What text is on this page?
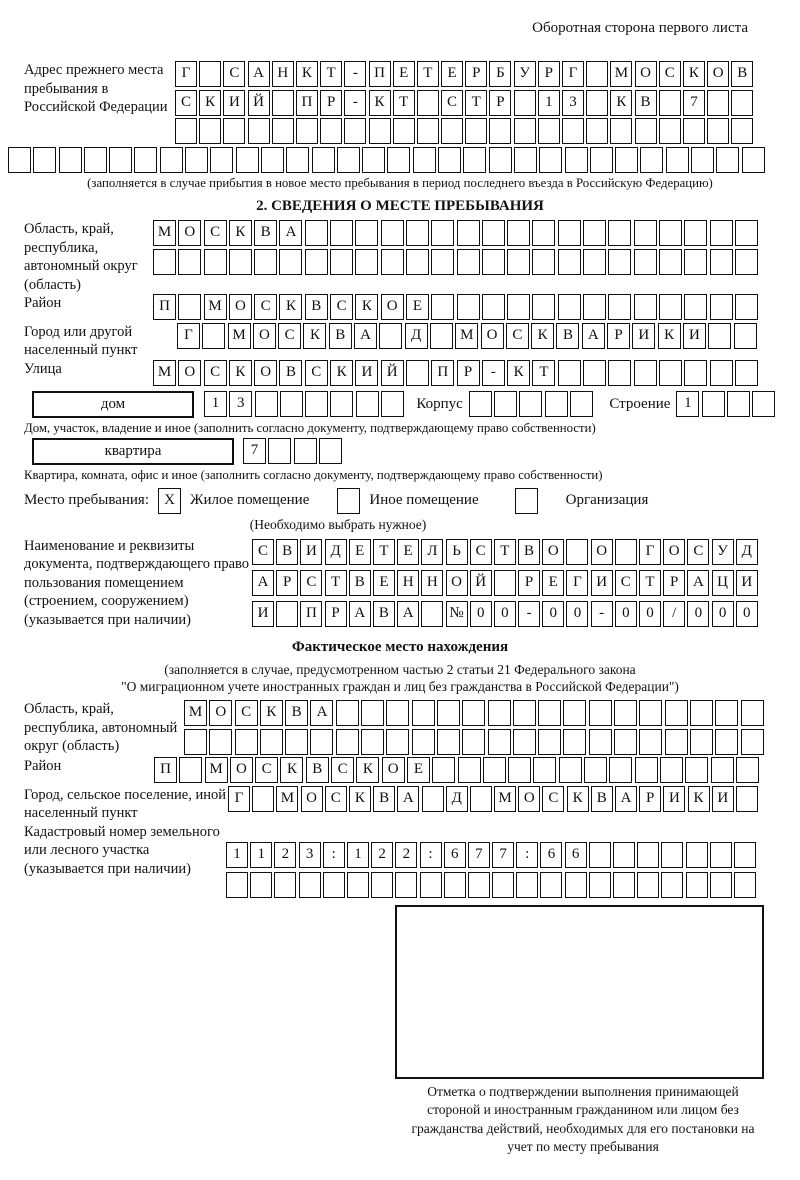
Оборотная сторона первого листа
Адрес прежнего места пребывания в Российской Федерации
Г	С А Н К Т	-	П Е	Т	Е	Р	Б У Р	Г	М О С К О В
С К И Й	П Р	-	К Т	С Т	Р	1	3	К В	7
(заполняется в случае прибытия в новое место пребывания в период последнего въезда в Российскую Федерацию)
2. СВЕДЕНИЯ О МЕСТЕ ПРЕБЫВАНИЯ
Область, край, республика, автономный округ (область)
М О С	К	В А
Район	П	М О С	К	В	С	К О	Е
Город или другой населенный пункт
Г	М О С	К	В А	Д	М О С	К	В А	Р	И К И
Улица	М О С	К О В	С	К И Й	П	Р	-	К	Т
дом	1	3	Корпус	Строение 1
Дом, участок, владение и иное (заполнить согласно документу, подтверждающему право собственности)
квартира	7
Квартира, комната, офис и иное (заполнить согласно документу, подтверждающему право собственности)
Место пребывания:	X	Жилое помещение	Иное помещение	Организация
(Необходимо выбрать нужное)
Наименование и реквизиты документа, подтверждающего право пользования помещением (строением, сооружением) (указывается при наличии)
С В И Д Е	Т	Е Л Ь С Т В О	О	Г О С У Д
А Р	С Т В Е Н Н О Й	Р	Е	Г И С Т	Р А Ц И
И	П Р А В А	№ 0	0	-	0	0	-	0	0	/	0	0	0
Фактическое место нахождения
(заполняется в случае, предусмотренном частью 2 статьи 21 Федерального закона
"О миграционном учете иностранных граждан и лиц без гражданства в Российской Федерации")
Область, край, республика, автономный округ (область)
М О С	К	В А
Район	П	М О С	К	В	С	К О	Е
Город, сельское поселение, иной населенный пункт
Г	М О С К В А	Д	М О С К В А Р И К И
Кадастровый номер земельного или лесного участка (указывается при наличии)
1	1	2	3	:	1	2	2	:	6	7	7	:	6	6
Отметка о подтверждении выполнения принимающей стороной и иностранным гражданином или лицом без гражданства действий, необходимых для его постановки на учет по месту пребывания
